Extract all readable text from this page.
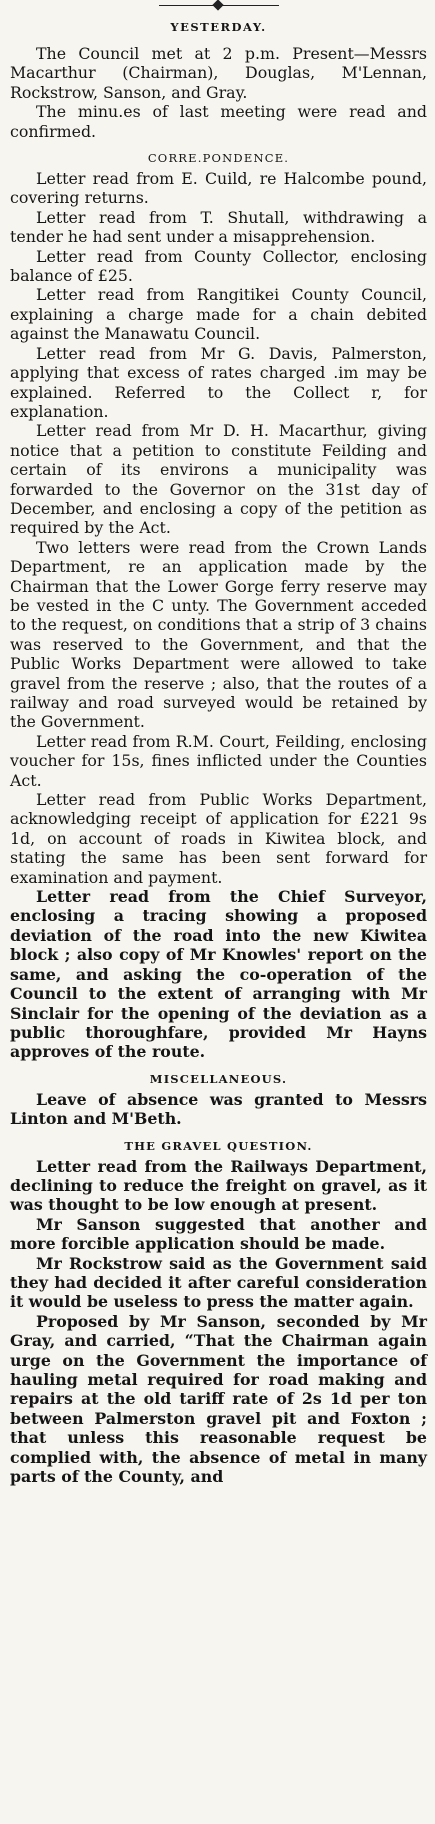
YESTERDAY.

The Council met at 2 p.m. Present—Messrs Macarthur (Chairman), Douglas, M'Lennan, Rockstrow, Sanson, and Gray.

The minu.es of last meeting were read and confirmed.

CORRE.PONDENCE.

Letter read from E. Cuild, re Halcombe pound, covering returns.

Letter read from T. Shutall, withdrawing a tender he had sent under a misapprehension.

Letter read from County Collector, enclosing balance of £25.

Letter read from Rangitikei County Council, explaining a charge made for a chain debited against the Manawatu Council.

Letter read from Mr G. Davis, Palmerston, applying that excess of rates charged .im may be explained. Referred to the Collect r, for explanation.

Letter read from Mr D. H. Macarthur, giving notice that a petition to constitute Feilding and certain of its environs a municipality was forwarded to the Governor on the 31st day of December, and enclosing a copy of the petition as required by the Act.

Two letters were read from the Crown Lands Department, re an application made by the Chairman that the Lower Gorge ferry reserve may be vested in the C unty. The Government acceded to the request, on conditions that a strip of 3 chains was reserved to the Government, and that the Public Works Department were allowed to take gravel from the reserve ; also, that the routes of a railway and road surveyed would be retained by the Government.

Letter read from R.M. Court, Feilding, enclosing voucher for 15s, fines inflicted under the Counties Act.

Letter read from Public Works Department, acknowledging receipt of application for £221 9s 1d, on account of roads in Kiwitea block, and stating the same has been sent forward for examination and payment.

Letter read from the Chief Surveyor, enclosing a tracing showing a proposed deviation of the road into the new Kiwitea block ; also copy of Mr Knowles' report on the same, and asking the co-operation of the Council to the extent of arranging with Mr Sinclair for the opening of the deviation as a public thoroughfare, provided Mr Hayns approves of the route.

MISCELLANEOUS.

Leave of absence was granted to Messrs Linton and M'Beth.

THE GRAVEL QUESTION.

Letter read from the Railways Department, declining to reduce the freight on gravel, as it was thought to be low enough at present.

Mr Sanson suggested that another and more forcible application should be made.

Mr Rockstrow said as the Government said they had decided it after careful consideration it would be useless to press the matter again.

Proposed by Mr Sanson, seconded by Mr Gray, and carried, “That the Chairman again urge on the Government the importance of hauling metal required for road making and repairs at the old tariff rate of 2s 1d per ton between Palmerston gravel pit and Foxton ; that unless this reasonable request be complied with, the absence of metal in many parts of the County, and
